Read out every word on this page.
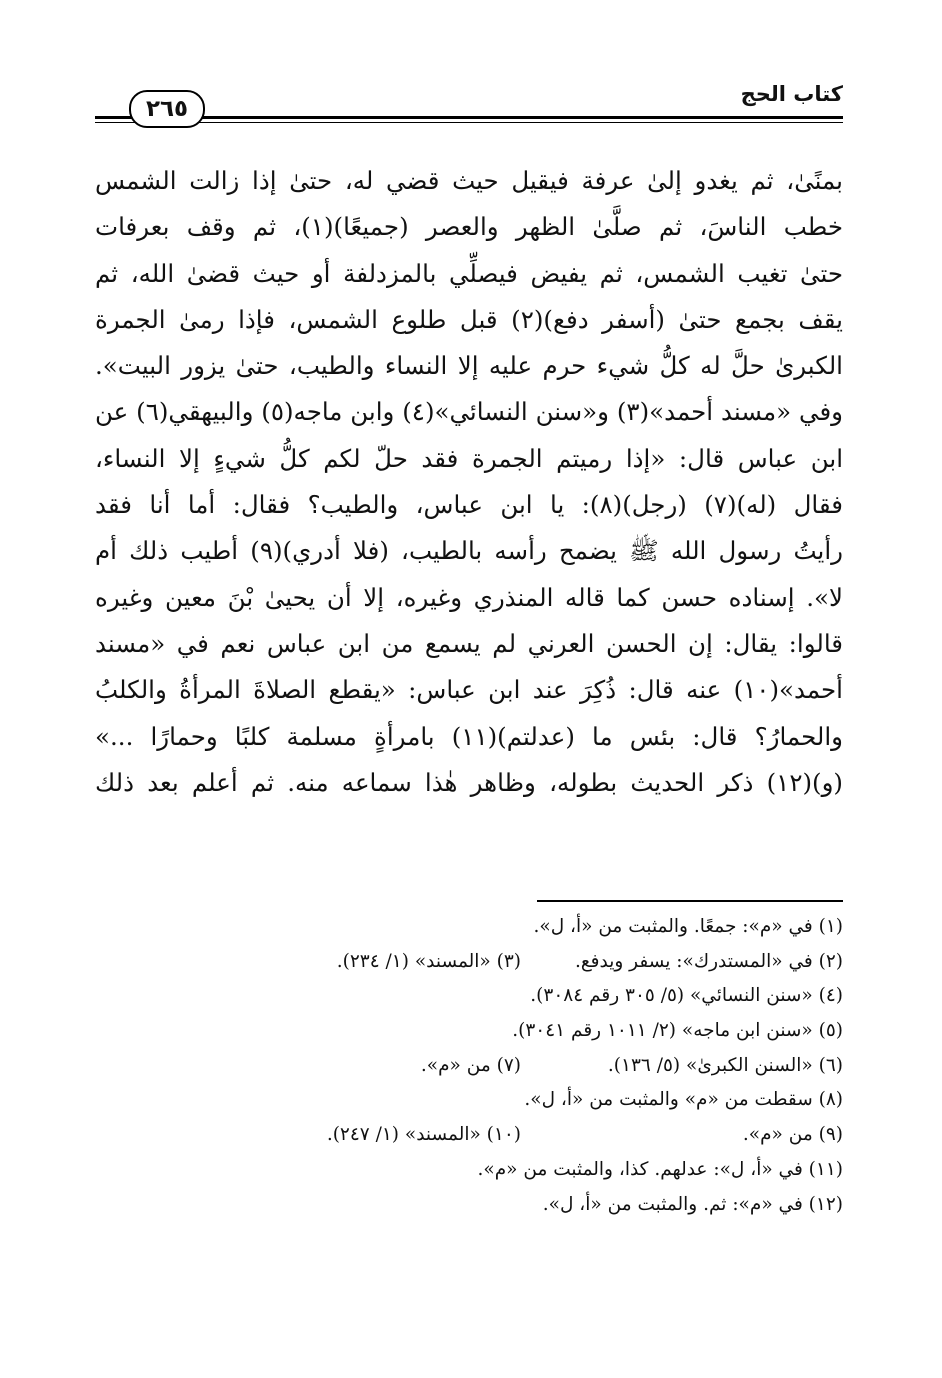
٢٦٥
كتاب الحج
بمنًىٰ، ثم يغدو إلىٰ عرفة فيقيل حيث قضي له، حتىٰ إذا زالت الشمس
خطب الناسَ، ثم صلَّىٰ الظهر والعصر (جميعًا)(١)، ثم وقف بعرفات
حتىٰ تغيب الشمس، ثم يفيض فيصلِّي بالمزدلفة أو حيث قضىٰ الله، ثم
يقف بجمع حتىٰ (أسفر دفع)(٢) قبل طلوع الشمس، فإذا رمىٰ الجمرة
الكبرىٰ حلَّ له كلُّ شيء حرم عليه إلا النساء والطيب، حتىٰ يزور البيت».
وفي «مسند أحمد»(٣) و«سنن النسائي»(٤) وابن ماجه(٥) والبيهقي(٦) عن
ابن عباس قال: «إذا رميتم الجمرة فقد حلّ لكم كلُّ شيءٍ إلا النساء،
فقال (له)(٧) (رجل)(٨): يا ابن عباس، والطيب؟ فقال: أما أنا فقد
رأيتُ رسول الله ﷺ يضمح رأسه بالطيب، (فلا أدري)(٩) أطيب ذلك أم
لا». إسناده حسن كما قاله المنذري وغيره، إلا أن يحيىٰ بْنَ معين وغيره
قالوا: يقال: إن الحسن العرني لم يسمع من ابن عباس نعم في «مسند
أحمد»(١٠) عنه قال: ذُكِرَ عند ابن عباس: «يقطع الصلاةَ المرأةُ والكلبُ
والحمارُ؟ قال: بئس ما (عدلتم)(١١) بامرأةٍ مسلمة كلبًا وحمارًا ...»
(و)(١٢) ذكر الحديث بطوله، وظاهر هٰذا سماعه منه. ثم أعلم بعد ذلك
(١) في «م»: جمعًا. والمثبت من «أ، ل».
(٢) في «المستدرك»: يسفر ويدفع.
(٣) «المسند» (١/ ٢٣٤).
(٤) «سنن النسائي» (٥/ ٣٠٥ رقم ٣٠٨٤).
(٥) «سنن ابن ماجه» (٢/ ١٠١١ رقم ٣٠٤١).
(٦) «السنن الكبرىٰ» (٥/ ١٣٦).
(٧) من «م».
(٨) سقطت من «م» والمثبت من «أ، ل».
(٩) من «م».
(١٠) «المسند» (١/ ٢٤٧).
(١١) في «أ، ل»: عدلهم. كذا، والمثبت من «م».
(١٢) في «م»: ثم. والمثبت من «أ، ل».
